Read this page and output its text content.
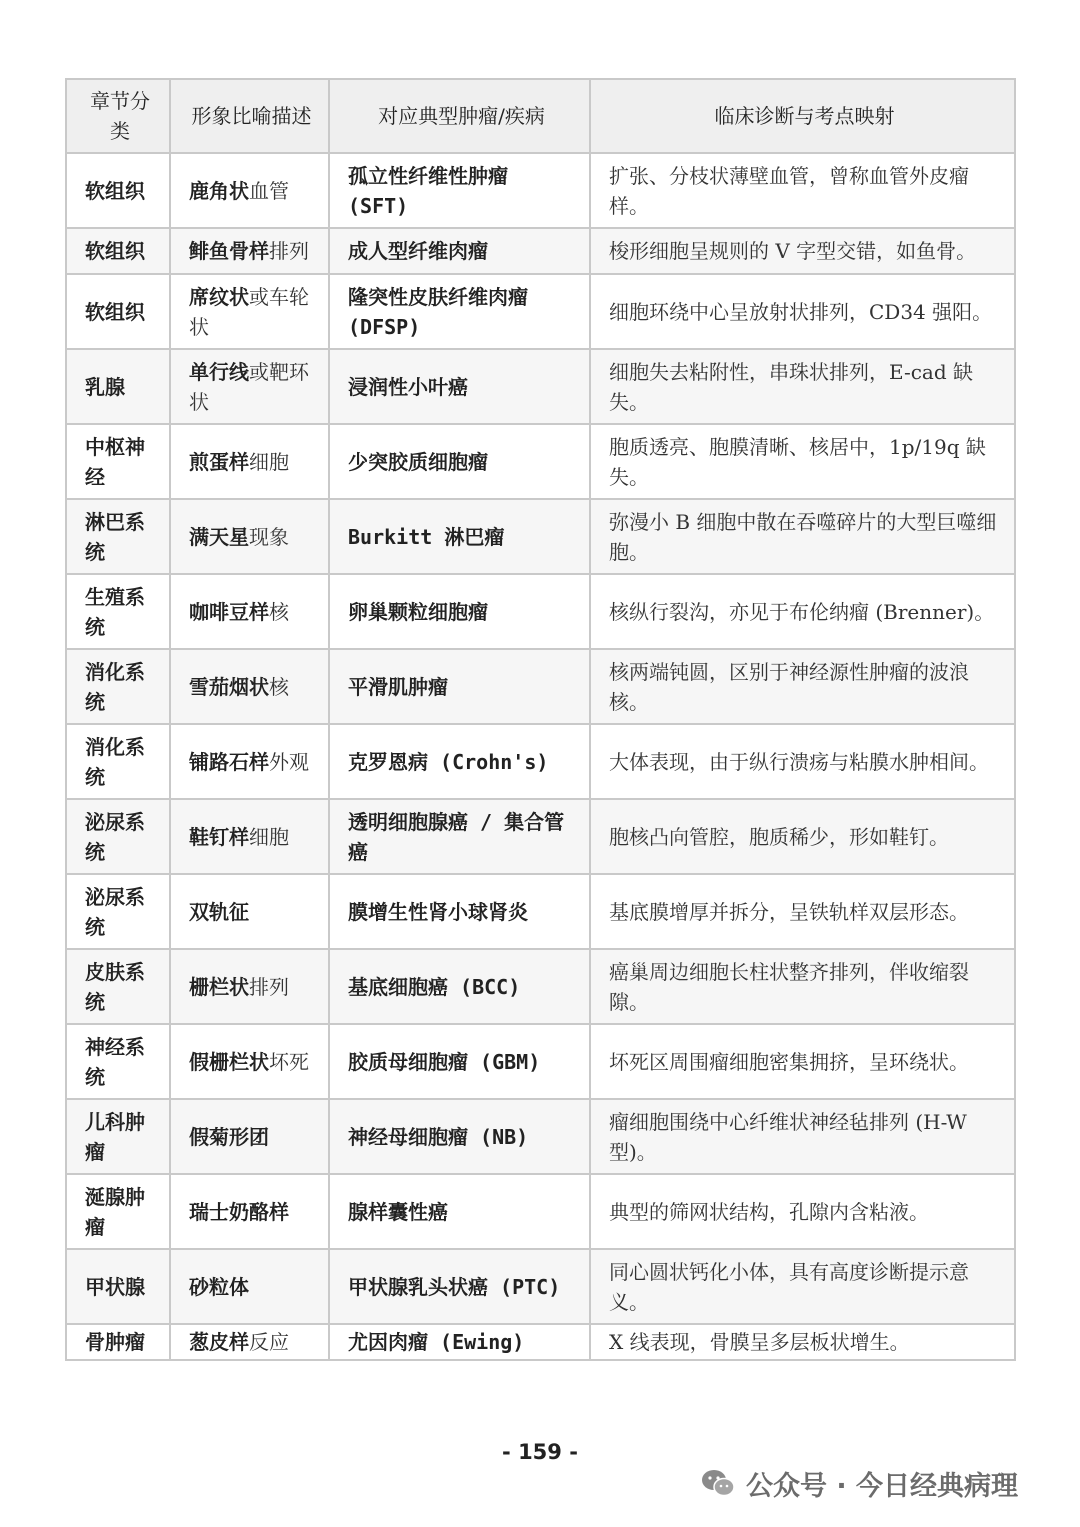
章节分类	形象比喻描述	对应典型肿瘤/疾病	临床诊断与考点映射
软组织	鹿角状血管	孤立性纤维性肿瘤 (SFT)	扩张、分枝状薄壁血管，曾称血管外皮瘤样。
软组织	鲱鱼骨样排列	成人型纤维肉瘤	梭形细胞呈规则的 V 字型交错，如鱼骨。
软组织	席纹状或车轮状	隆突性皮肤纤维肉瘤 (DFSP)	细胞环绕中心呈放射状排列，CD34 强阳。
乳腺	单行线或靶环状	浸润性小叶癌	细胞失去粘附性，串珠状排列，E-cad 缺失。
中枢神经	煎蛋样细胞	少突胶质细胞瘤	胞质透亮、胞膜清晰、核居中，1p/19q 缺失。
淋巴系统	满天星现象	Burkitt 淋巴瘤	弥漫小 B 细胞中散在吞噬碎片的大型巨噬细胞。
生殖系统	咖啡豆样核	卵巢颗粒细胞瘤	核纵行裂沟，亦见于布伦纳瘤 (Brenner)。
消化系统	雪茄烟状核	平滑肌肿瘤	核两端钝圆，区别于神经源性肿瘤的波浪核。
消化系统	铺路石样外观	克罗恩病 (Crohn's)	大体表现，由于纵行溃疡与粘膜水肿相间。
泌尿系统	鞋钉样细胞	透明细胞腺癌 / 集合管癌	胞核凸向管腔，胞质稀少，形如鞋钉。
泌尿系统	双轨征	膜增生性肾小球肾炎	基底膜增厚并拆分，呈铁轨样双层形态。
皮肤系统	栅栏状排列	基底细胞癌 (BCC)	癌巢周边细胞长柱状整齐排列，伴收缩裂隙。
神经系统	假栅栏状坏死	胶质母细胞瘤 (GBM)	坏死区周围瘤细胞密集拥挤，呈环绕状。
儿科肿瘤	假菊形团	神经母细胞瘤 (NB)	瘤细胞围绕中心纤维状神经毡排列 (H-W 型)。
涎腺肿瘤	瑞士奶酪样	腺样囊性癌	典型的筛网状结构，孔隙内含粘液。
甲状腺	砂粒体	甲状腺乳头状癌 (PTC)	同心圆状钙化小体，具有高度诊断提示意义。
骨肿瘤	葱皮样反应	尤因肉瘤 (Ewing)	X 线表现，骨膜呈多层板状增生。
- 159 -
公众号 · 今日经典病理
